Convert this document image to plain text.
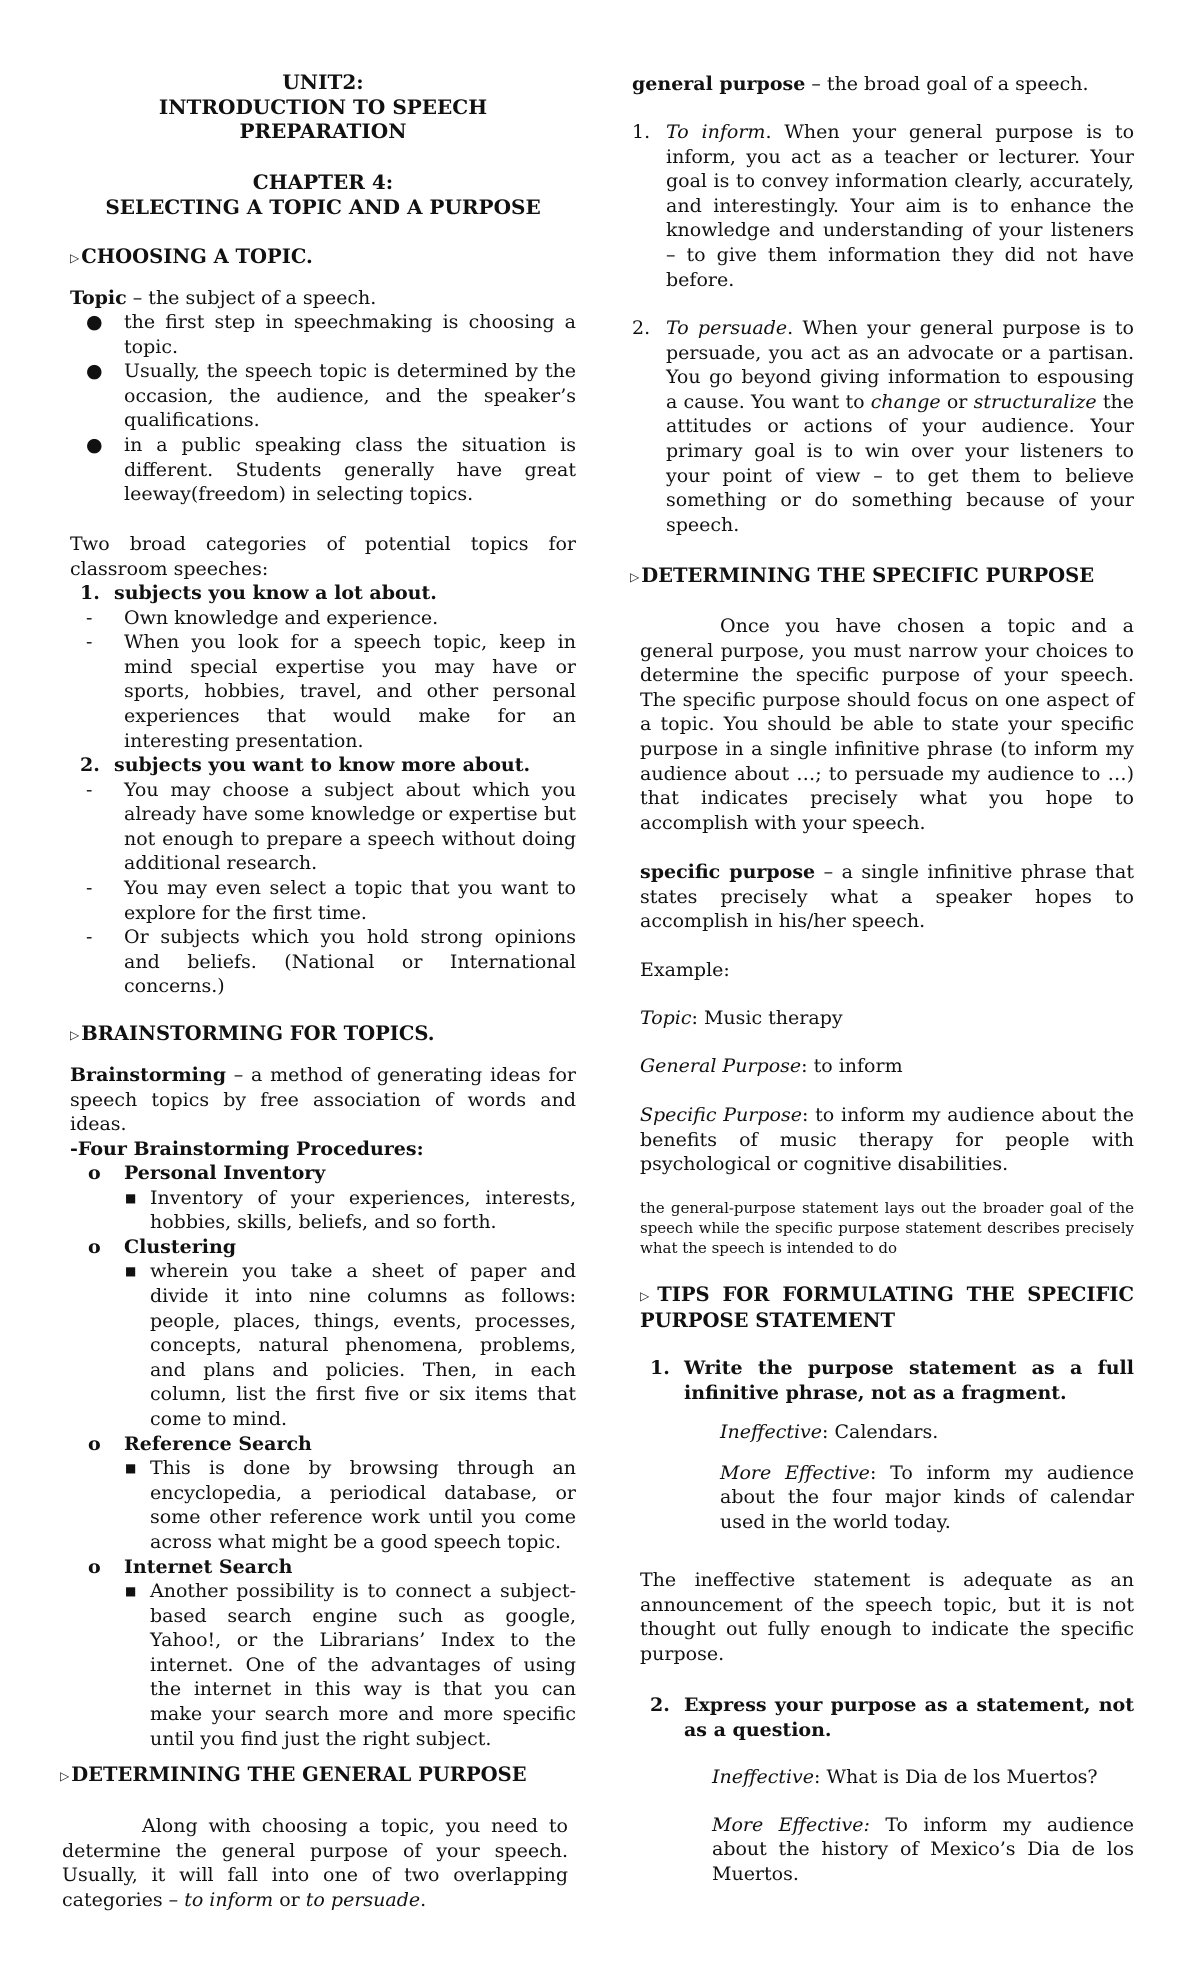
UNIT2:
INTRODUCTION TO SPEECH
PREPARATION
CHAPTER 4:
SELECTING A TOPIC AND A PURPOSE
▷ CHOOSING A TOPIC.
Topic – the subject of a speech.
● the first step in speechmaking is choosing a topic.
● Usually, the speech topic is determined by the occasion, the audience, and the speaker’s qualifications.
● in a public speaking class the situation is different. Students generally have great leeway(freedom) in selecting topics.
Two broad categories of potential topics for classroom speeches:
1. subjects you know a lot about.
- Own knowledge and experience.
- When you look for a speech topic, keep in mind special expertise you may have or sports, hobbies, travel, and other personal experiences that would make for an interesting presentation.
2. subjects you want to know more about.
- You may choose a subject about which you already have some knowledge or expertise but not enough to prepare a speech without doing additional research.
- You may even select a topic that you want to explore for the first time.
- Or subjects which you hold strong opinions and beliefs. (National or International concerns.)
▷ BRAINSTORMING FOR TOPICS.
Brainstorming – a method of generating ideas for speech topics by free association of words and ideas.
-Four Brainstorming Procedures:
o Personal Inventory
■ Inventory of your experiences, interests, hobbies, skills, beliefs, and so forth.
o Clustering
■ wherein you take a sheet of paper and divide it into nine columns as follows: people, places, things, events, processes, concepts, natural phenomena, problems, and plans and policies. Then, in each column, list the first five or six items that come to mind.
o Reference Search
■ This is done by browsing through an encyclopedia, a periodical database, or some other reference work until you come across what might be a good speech topic.
o Internet Search
■ Another possibility is to connect a subject-based search engine such as google, Yahoo!, or the Librarians’ Index to the internet. One of the advantages of using the internet in this way is that you can make your search more and more specific until you find just the right subject.
▷ DETERMINING THE GENERAL PURPOSE
Along with choosing a topic, you need to determine the general purpose of your speech. Usually, it will fall into one of two overlapping categories – to inform or to persuade.
general purpose – the broad goal of a speech.
1. To inform. When your general purpose is to inform, you act as a teacher or lecturer. Your goal is to convey information clearly, accurately, and interestingly. Your aim is to enhance the knowledge and understanding of your listeners – to give them information they did not have before.
2. To persuade. When your general purpose is to persuade, you act as an advocate or a partisan. You go beyond giving information to espousing a cause. You want to change or structuralize the attitudes or actions of your audience. Your primary goal is to win over your listeners to your point of view – to get them to believe something or do something because of your speech.
▷ DETERMINING THE SPECIFIC PURPOSE
Once you have chosen a topic and a general purpose, you must narrow your choices to determine the specific purpose of your speech. The specific purpose should focus on one aspect of a topic. You should be able to state your specific purpose in a single infinitive phrase (to inform my audience about …; to persuade my audience to …) that indicates precisely what you hope to accomplish with your speech.
specific purpose – a single infinitive phrase that states precisely what a speaker hopes to accomplish in his/her speech.
Example:
Topic: Music therapy
General Purpose: to inform
Specific Purpose: to inform my audience about the benefits of music therapy for people with psychological or cognitive disabilities.
the general-purpose statement lays out the broader goal of the speech while the specific purpose statement describes precisely what the speech is intended to do
▷ TIPS FOR FORMULATING THE SPECIFIC PURPOSE STATEMENT
1. Write the purpose statement as a full infinitive phrase, not as a fragment.
Ineffective: Calendars.
More Effective: To inform my audience about the four major kinds of calendar used in the world today.
The ineffective statement is adequate as an announcement of the speech topic, but it is not thought out fully enough to indicate the specific purpose.
2. Express your purpose as a statement, not as a question.
Ineffective: What is Dia de los Muertos?
More Effective: To inform my audience about the history of Mexico’s Dia de los Muertos.
